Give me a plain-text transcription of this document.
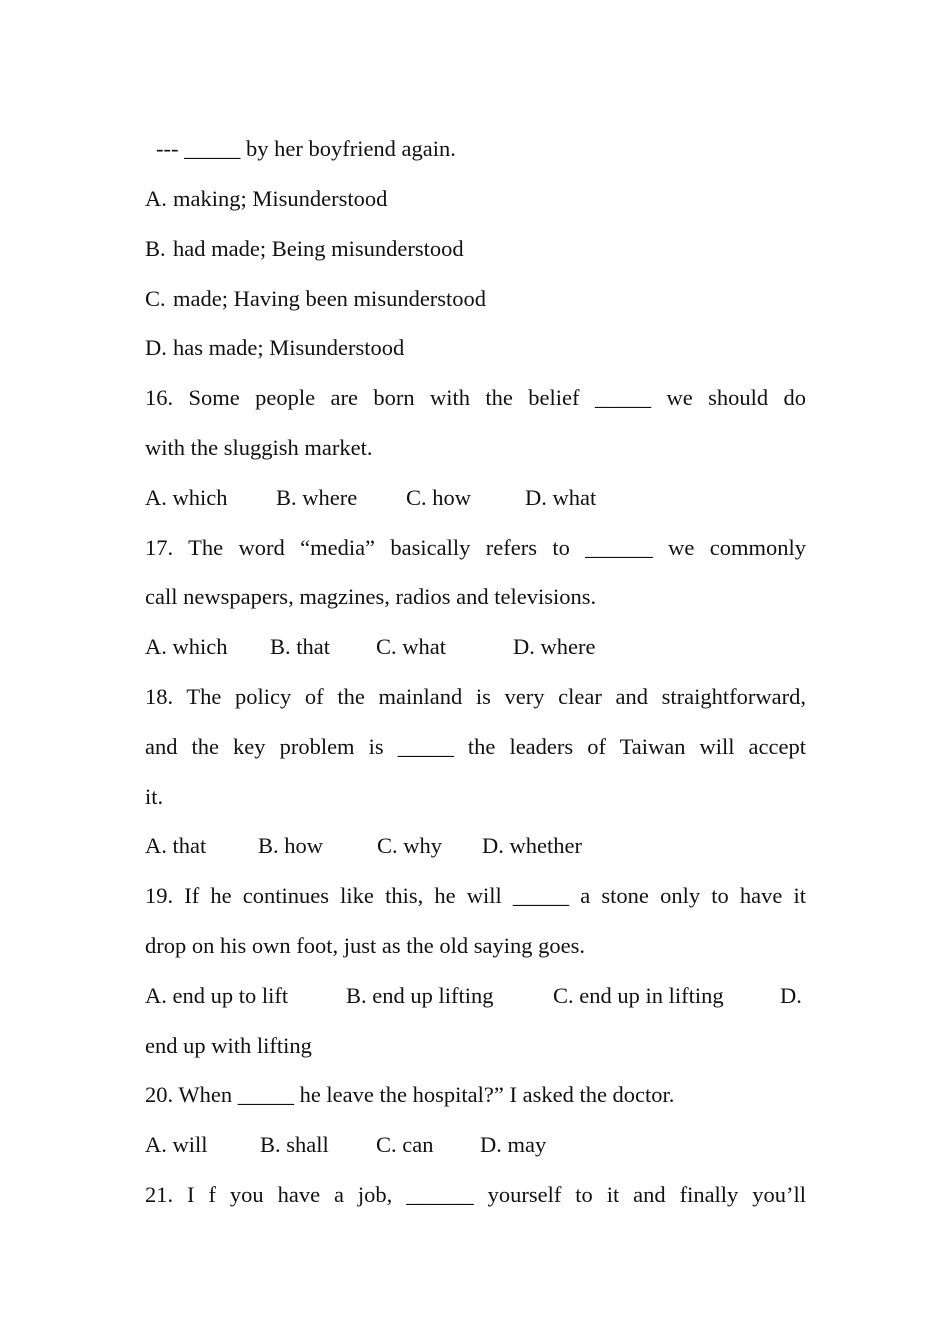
--- _____ by her boyfriend again.
A. making; Misunderstood
B. had made; Being misunderstood
C. made; Having been misunderstood
D. has made; Misunderstood
16. Some people are born with the belief _____ we should do
with the sluggish market.
A. which B. where C. how D. what
17. The word “media” basically refers to ______ we commonly
call newspapers, magzines, radios and televisions.
A. which B. that C. what	D. where
18. The policy of the mainland is very clear and straightforward,
and the key problem is _____ the leaders of Taiwan will accept
it.
A. that B. how C. why D. whether
19. If he continues like this, he will _____ a stone only to have it
drop on his own foot, just as the old saying goes.
A. end up to lift	B. end up lifting	C. end up in lifting	D.
end up with lifting
20. When _____ he leave the hospital?” I asked the doctor.
A. will B. shall C. can D. may
21. I f you have a job, ______ yourself to it and finally you’ll
